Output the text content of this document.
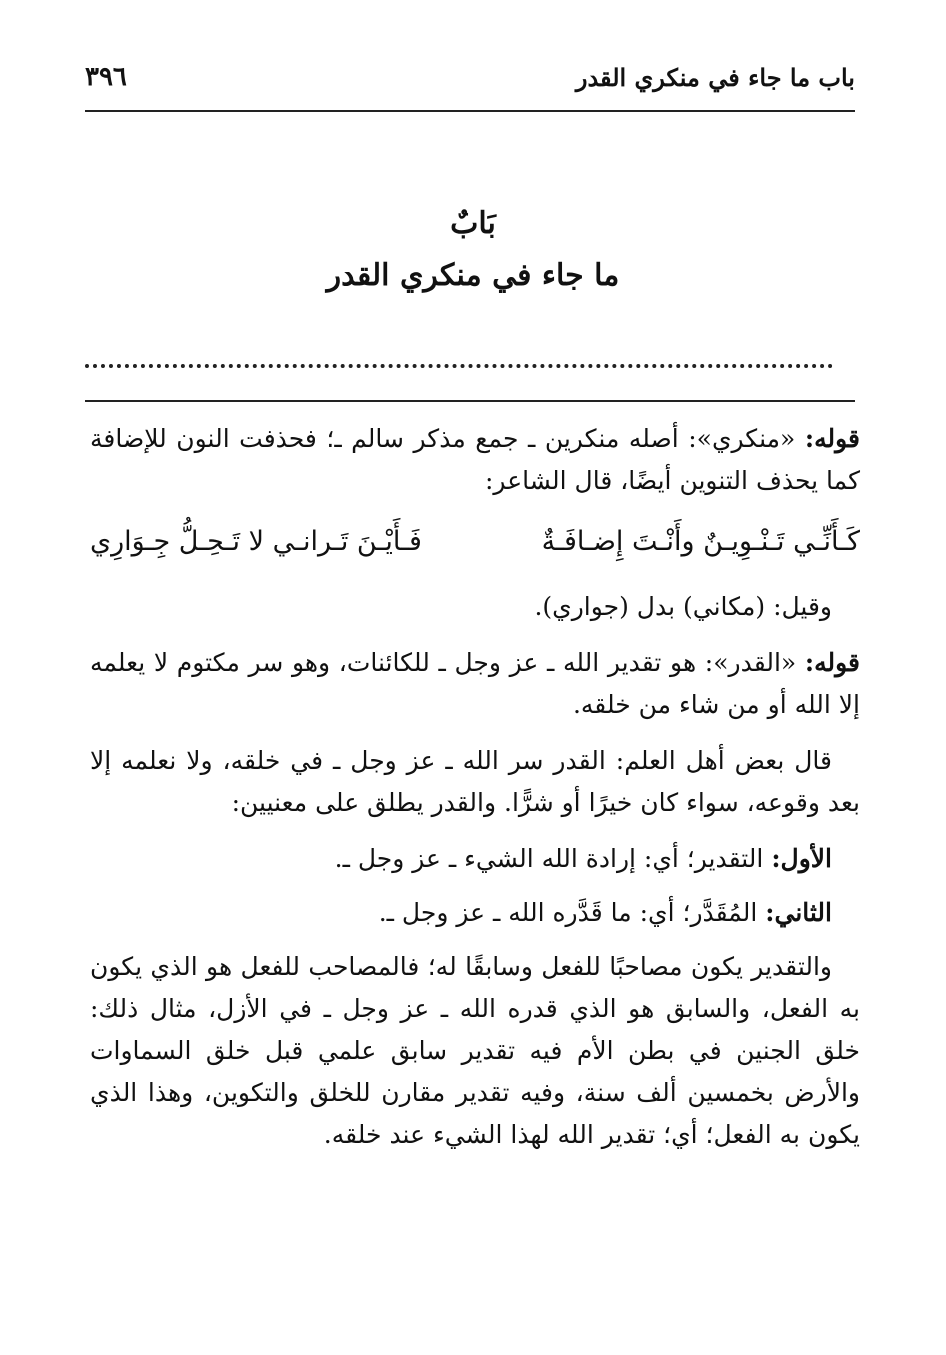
باب ما جاء في منكري القدر
٣٩٦
بَابٌ
ما جاء في منكري القدر

قوله: «منكري»: أصله منكرين ـ جمع مذكر سالم ـ؛ فحذفت النون للإضافة كما يحذف التنوين أيضًا، قال الشاعر:

كَـأَنِّـي تَـنْـوِيـنٌ وأَنْـتَ إِضـافَـةٌ
فَـأَيْـنَ تَـرانـي لا تَـحِـلُّ جِـوَارِي

وقيل: (مكاني) بدل (جواري).

قوله: «القدر»: هو تقدير الله ـ عز وجل ـ للكائنات، وهو سر مكتوم لا يعلمه إلا الله أو من شاء من خلقه.

قال بعض أهل العلم: القدر سر الله ـ عز وجل ـ في خلقه، ولا نعلمه إلا بعد وقوعه، سواء كان خيرًا أو شرًّا. والقدر يطلق على معنيين:

الأول: التقدير؛ أي: إرادة الله الشيء ـ عز وجل ـ.

الثاني: المُقَدَّر؛ أي: ما قَدَّره الله ـ عز وجل ـ.

والتقدير يكون مصاحبًا للفعل وسابقًا له؛ فالمصاحب للفعل هو الذي يكون به الفعل، والسابق هو الذي قدره الله ـ عز وجل ـ في الأزل، مثال ذلك: خلق الجنين في بطن الأم فيه تقدير سابق علمي قبل خلق السماوات والأرض بخمسين ألف سنة، وفيه تقدير مقارن للخلق والتكوين، وهذا الذي يكون به الفعل؛ أي؛ تقدير الله لهذا الشيء عند خلقه.
